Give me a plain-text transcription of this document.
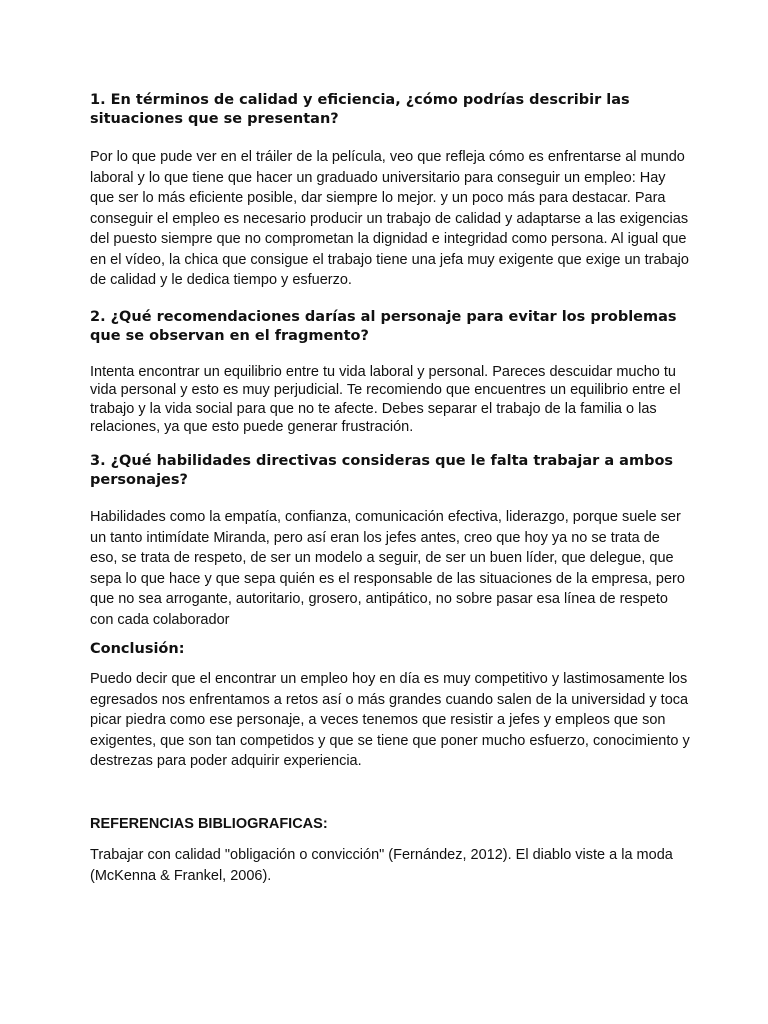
1. En términos de calidad y eficiencia, ¿cómo podrías describir las situaciones que se presentan?

Por lo que pude ver en el tráiler de la película, veo que refleja cómo es enfrentarse al mundo laboral y lo que tiene que hacer un graduado universitario para conseguir un empleo: Hay que ser lo más eficiente posible, dar siempre lo mejor. y un poco más para destacar. Para conseguir el empleo es necesario producir un trabajo de calidad y adaptarse a las exigencias del puesto siempre que no comprometan la dignidad e integridad como persona. Al igual que en el vídeo, la chica que consigue el trabajo tiene una jefa muy exigente que exige un trabajo de calidad y le dedica tiempo y esfuerzo.

2. ¿Qué recomendaciones darías al personaje para evitar los problemas que se observan en el fragmento?

Intenta encontrar un equilibrio entre tu vida laboral y personal. Pareces descuidar mucho tu vida personal y esto es muy perjudicial. Te recomiendo que encuentres un equilibrio entre el trabajo y la vida social para que no te afecte. Debes separar el trabajo de la familia o las relaciones, ya que esto puede generar frustración.

3. ¿Qué habilidades directivas consideras que le falta trabajar a ambos personajes?

Habilidades como la empatía, confianza, comunicación efectiva, liderazgo, porque suele ser un tanto intimídate Miranda, pero así eran los jefes antes, creo que hoy ya no se trata de eso, se trata de respeto, de ser un modelo a seguir, de ser un buen líder, que delegue, que sepa lo que hace y que sepa quién es el responsable de las situaciones de la empresa, pero que no sea arrogante, autoritario, grosero, antipático, no sobre pasar esa línea de respeto con cada colaborador

Conclusión:

Puedo decir que el encontrar un empleo hoy en día es muy competitivo y lastimosamente los egresados nos enfrentamos a retos así o más grandes cuando salen de la universidad y toca picar piedra como ese personaje, a veces tenemos que resistir a jefes y empleos que son exigentes, que son tan competidos y que se tiene que poner mucho esfuerzo, conocimiento y destrezas para poder adquirir experiencia.

REFERENCIAS BIBLIOGRAFICAS:

Trabajar con calidad "obligación o convicción" (Fernández, 2012). El diablo viste a la moda (McKenna & Frankel, 2006).
